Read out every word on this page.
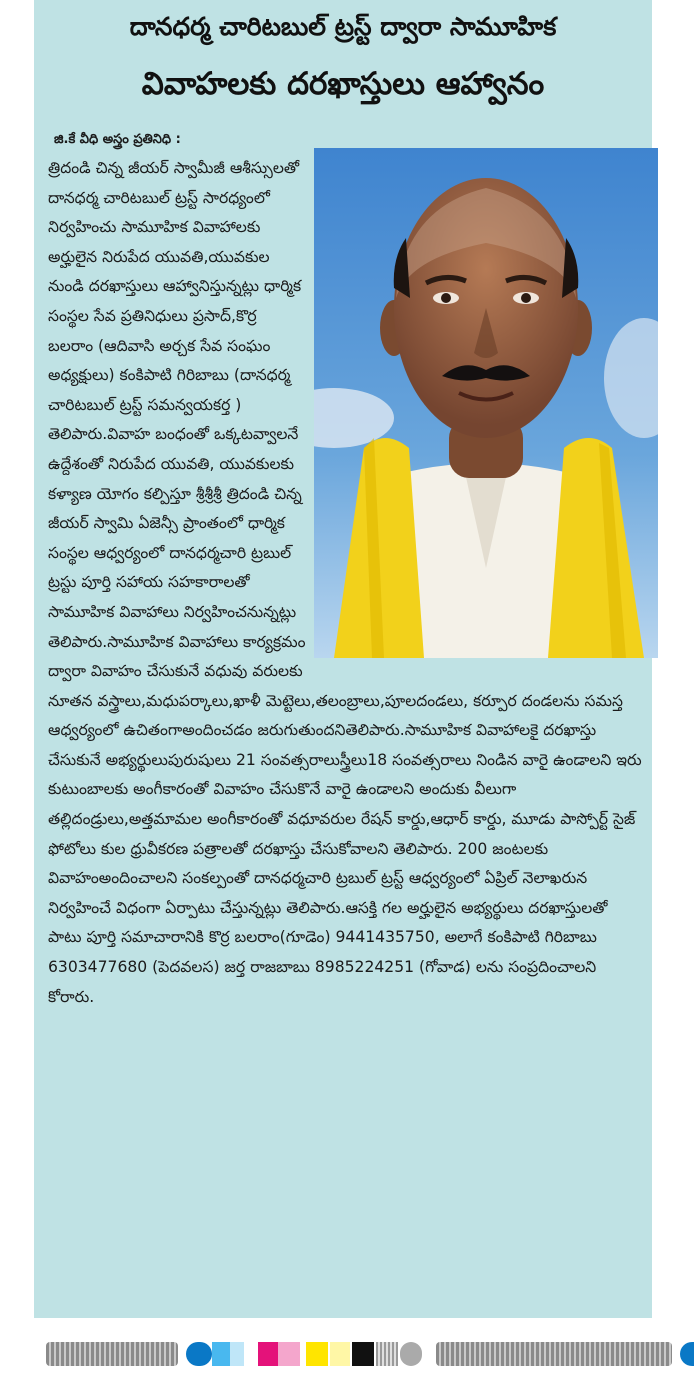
దానధర్మ చారిటబుల్ ట్రస్ట్ ద్వారా సామూహిక
వివాహలకు దరఖాస్తులు ఆహ్వానం
జి.కే వీధి అస్త్రం ప్రతినిధి :

త్రిదండి చిన్న జీయర్ స్వామీజీ ఆశీస్సులతో దానధర్మ చారిటబుల్ ట్రస్ట్ సారధ్యంలో నిర్వహించు సామూహిక వివాహాలకు అర్హులైన నిరుపేద యువతి,యువకుల నుండి దరఖాస్తులు ఆహ్వానిస్తున్నట్లు ధార్మిక సంస్థల సేవ ప్రతినిధులు ప్రసాద్,కొర్ర బలరాం (ఆదివాసి అర్చక సేవ సంఘం అధ్యక్షులు) కంకిపాటి గిరిబాబు (దానధర్మ చారిటబుల్ ట్రస్ట్ సమన్వయకర్త ) తెలిపారు.వివాహ బంధంతో ఒక్కటవ్వాలనే ఉద్దేశంతో నిరుపేద యువతి, యువకులకు కళ్యాణ యోగం కల్పిస్తూ శ్రీశ్రీశ్రీ త్రిదండి చిన్న జీయర్ స్వామి ఏజెన్సీ ప్రాంతంలో ధార్మిక సంస్థల ఆధ్వర్యంలో దానధర్మచారి ట్రబుల్ ట్రస్టు పూర్తి సహాయ సహకారాలతో సామూహిక వివాహాలు నిర్వహించనున్నట్లు తెలిపారు.సామూహిక వివాహాలు కార్యక్రమం ద్వారా వివాహం చేసుకునే వధువు వరులకు నూతన వస్త్రాలు,మధుపర్కాలు,ఖాళీ మెట్టెలు,తలంబ్రాలు,పూలదండలు, కర్పూర దండలను సమస్త ఆధ్వర్యంలో ఉచితంగాఅందించడం జరుగుతుందనితెలిపారు.సామూహిక వివాహాలకై దరఖాస్తు చేసుకునే అభ్యర్థులుపురుషులు 21 సంవత్సరాలుస్త్రీలు18 సంవత్సరాలు నిండిన వారై ఉండాలని ఇరు కుటుంబాలకు అంగీకారంతో వివాహం చేసుకొనే వారై ఉండాలని అందుకు వీలుగా తల్లిదండ్రులు,అత్తమామల అంగీకారంతో వధూవరుల రేషన్ కార్డు,ఆధార్ కార్డు, మూడు పాస్పోర్ట్ సైజ్ ఫోటోలు కుల ధ్రువీకరణ పత్రాలతో దరఖాస్తు చేసుకోవాలని తెలిపారు. 200 జంటలకు వివాహంఅందించాలని సంకల్పంతో దానధర్మచారి ట్రబుల్ ట్రస్ట్ ఆధ్వర్యంలో ఏప్రిల్ నెలాఖరున నిర్వహించే విధంగా ఏర్పాటు చేస్తున్నట్లు తెలిపారు.ఆసక్తి గల అర్హులైన అభ్యర్థులు దరఖాస్తులతో పాటు పూర్తి సమాచారానికి కొర్ర బలరాం(గూడెం) 9441435750, అలాగే కంకిపాటి గిరిబాబు 6303477680 (పెదవలస) జర్త రాజబాబు 8985224251 (గోవాడ) లను సంప్రదించాలని కోరారు.
